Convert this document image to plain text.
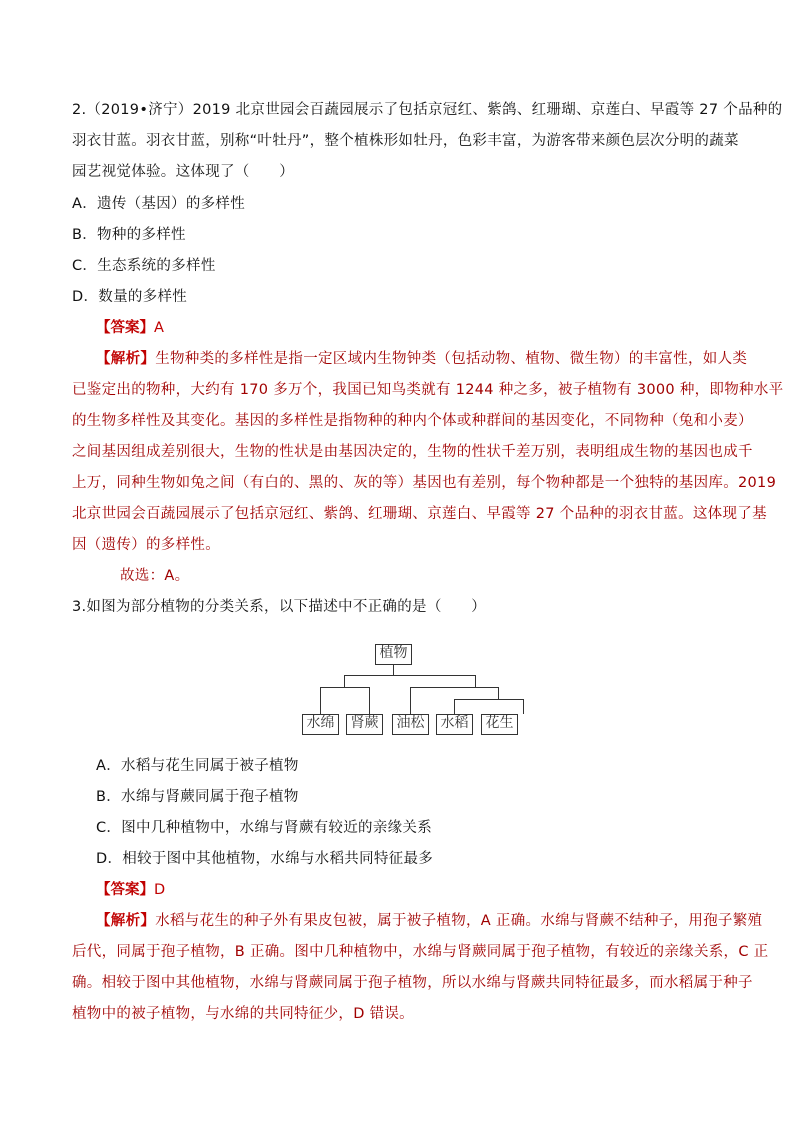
2.（2019•济宁）2019 北京世园会百蔬园展示了包括京冠红、紫鸽、红珊瑚、京莲白、早霞等 27 个品种的
羽衣甘蓝。羽衣甘蓝，别称“叶牡丹”，整个植株形如牡丹，色彩丰富，为游客带来颜色层次分明的蔬菜
园艺视觉体验。这体现了（　　）
A．遗传（基因）的多样性
B．物种的多样性
C．生态系统的多样性
D．数量的多样性
【答案】A
【解析】生物种类的多样性是指一定区域内生物钟类（包括动物、植物、微生物）的丰富性，如人类
已鉴定出的物种，大约有 170 多万个，我国已知鸟类就有 1244 种之多，被子植物有 3000 种，即物种水平
的生物多样性及其变化。基因的多样性是指物种的种内个体或种群间的基因变化，不同物种（兔和小麦）
之间基因组成差别很大，生物的性状是由基因决定的，生物的性状千差万别，表明组成生物的基因也成千
上万，同种生物如兔之间（有白的、黑的、灰的等）基因也有差别，每个物种都是一个独特的基因库。2019
北京世园会百蔬园展示了包括京冠红、紫鸽、红珊瑚、京莲白、早霞等 27 个品种的羽衣甘蓝。这体现了基
因（遗传）的多样性。
故选：A。
3.如图为部分植物的分类关系，以下描述中不正确的是（　　）
植物
水绵	肾蕨	油松	水稻	花生
A．水稻与花生同属于被子植物
B．水绵与肾蕨同属于孢子植物
C．图中几种植物中，水绵与肾蕨有较近的亲缘关系
D．相较于图中其他植物，水绵与水稻共同特征最多
【答案】D
【解析】水稻与花生的种子外有果皮包被，属于被子植物，A 正确。水绵与肾蕨不结种子，用孢子繁殖
后代，同属于孢子植物，B 正确。图中几种植物中，水绵与肾蕨同属于孢子植物，有较近的亲缘关系，C 正
确。相较于图中其他植物，水绵与肾蕨同属于孢子植物，所以水绵与肾蕨共同特征最多，而水稻属于种子
植物中的被子植物，与水绵的共同特征少，D 错误。
